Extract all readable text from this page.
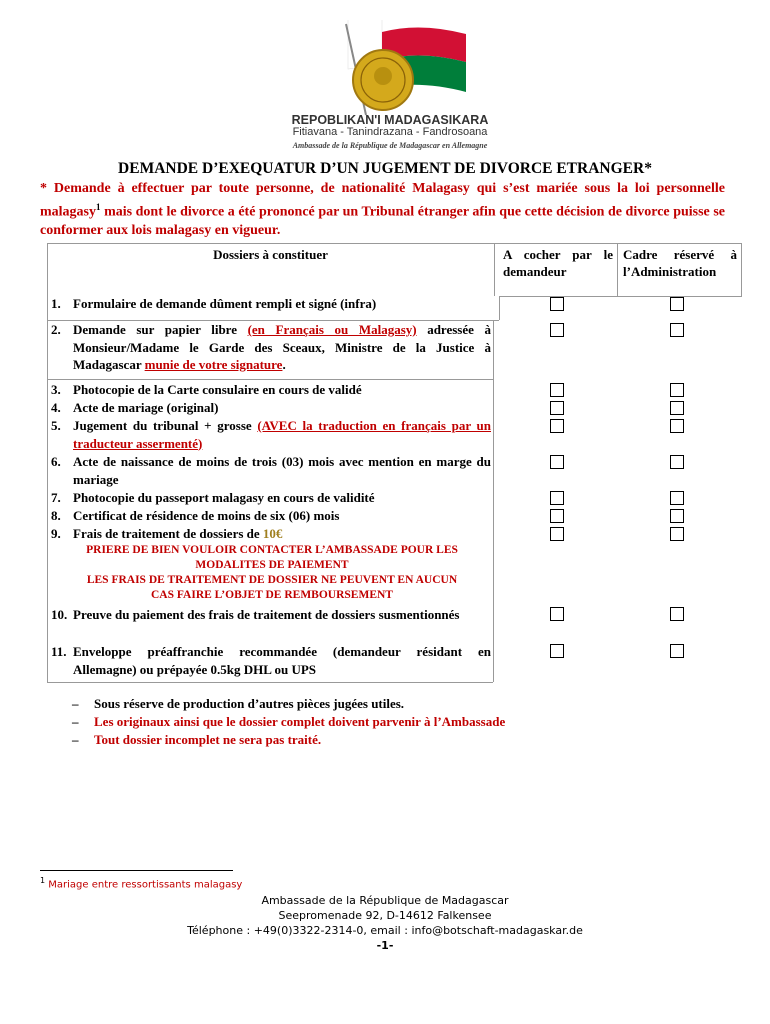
REPOBLIKAN'I MADAGASIKARA
Fitiavana - Tanindrazana - Fandrosoana
Ambassade de la République de Madagascar en Allemagne
DEMANDE D’EXEQUATUR D’UN JUGEMENT DE DIVORCE ETRANGER*
* Demande à effectuer par toute personne, de nationalité Malagasy qui s’est mariée sous la loi personnelle malagasy$^1$ mais dont le divorce a été prononcé par un Tribunal étranger afin que cette décision de divorce puisse se conformer aux lois malagasy en vigueur.
Dossiers à constituer	A cocher par le demandeur
Cadre réservé à l’Administration
1. Formulaire de demande dûment rempli et signé (infra)
2. Demande sur papier libre (en Français ou Malagasy) adressée à Monsieur/Madame le Garde des Sceaux, Ministre de la Justice à Madagascar munie de votre signature.
3. Photocopie de la Carte consulaire en cours de validé
4. Acte de mariage (original)
5. Jugement du tribunal + grosse (AVEC la traduction en français par un traducteur assermenté)
6. Acte de naissance de moins de trois (03) mois avec mention en marge du mariage
7. Photocopie du passeport malagasy en cours de validité
8. Certificat de résidence de moins de six (06) mois
9. Frais de traitement de dossiers de 10€
PRIERE DE BIEN VOULOIR CONTACTER L’AMBASSADE POUR LES
MODALITES DE PAIEMENT
LES FRAIS DE TRAITEMENT DE DOSSIER NE PEUVENT EN AUCUN
CAS FAIRE L’OBJET DE REMBOURSEMENT
10. Preuve du paiement des frais de traitement de dossiers susmentionnés
11. Enveloppe préaffranchie recommandée (demandeur résidant en Allemagne) ou prépayée 0.5kg DHL ou UPS
– Sous réserve de production d’autres pièces jugées utiles.
– Les originaux ainsi que le dossier complet doivent parvenir à l’Ambassade
– Tout dossier incomplet ne sera pas traité.
$^1$ Mariage entre ressortissants malagasy
Ambassade de la République de Madagascar
Seepromenade 92, D-14612 Falkensee
Téléphone : +49(0)3322-2314-0, email : info@botschaft-madagaskar.de
-1-
